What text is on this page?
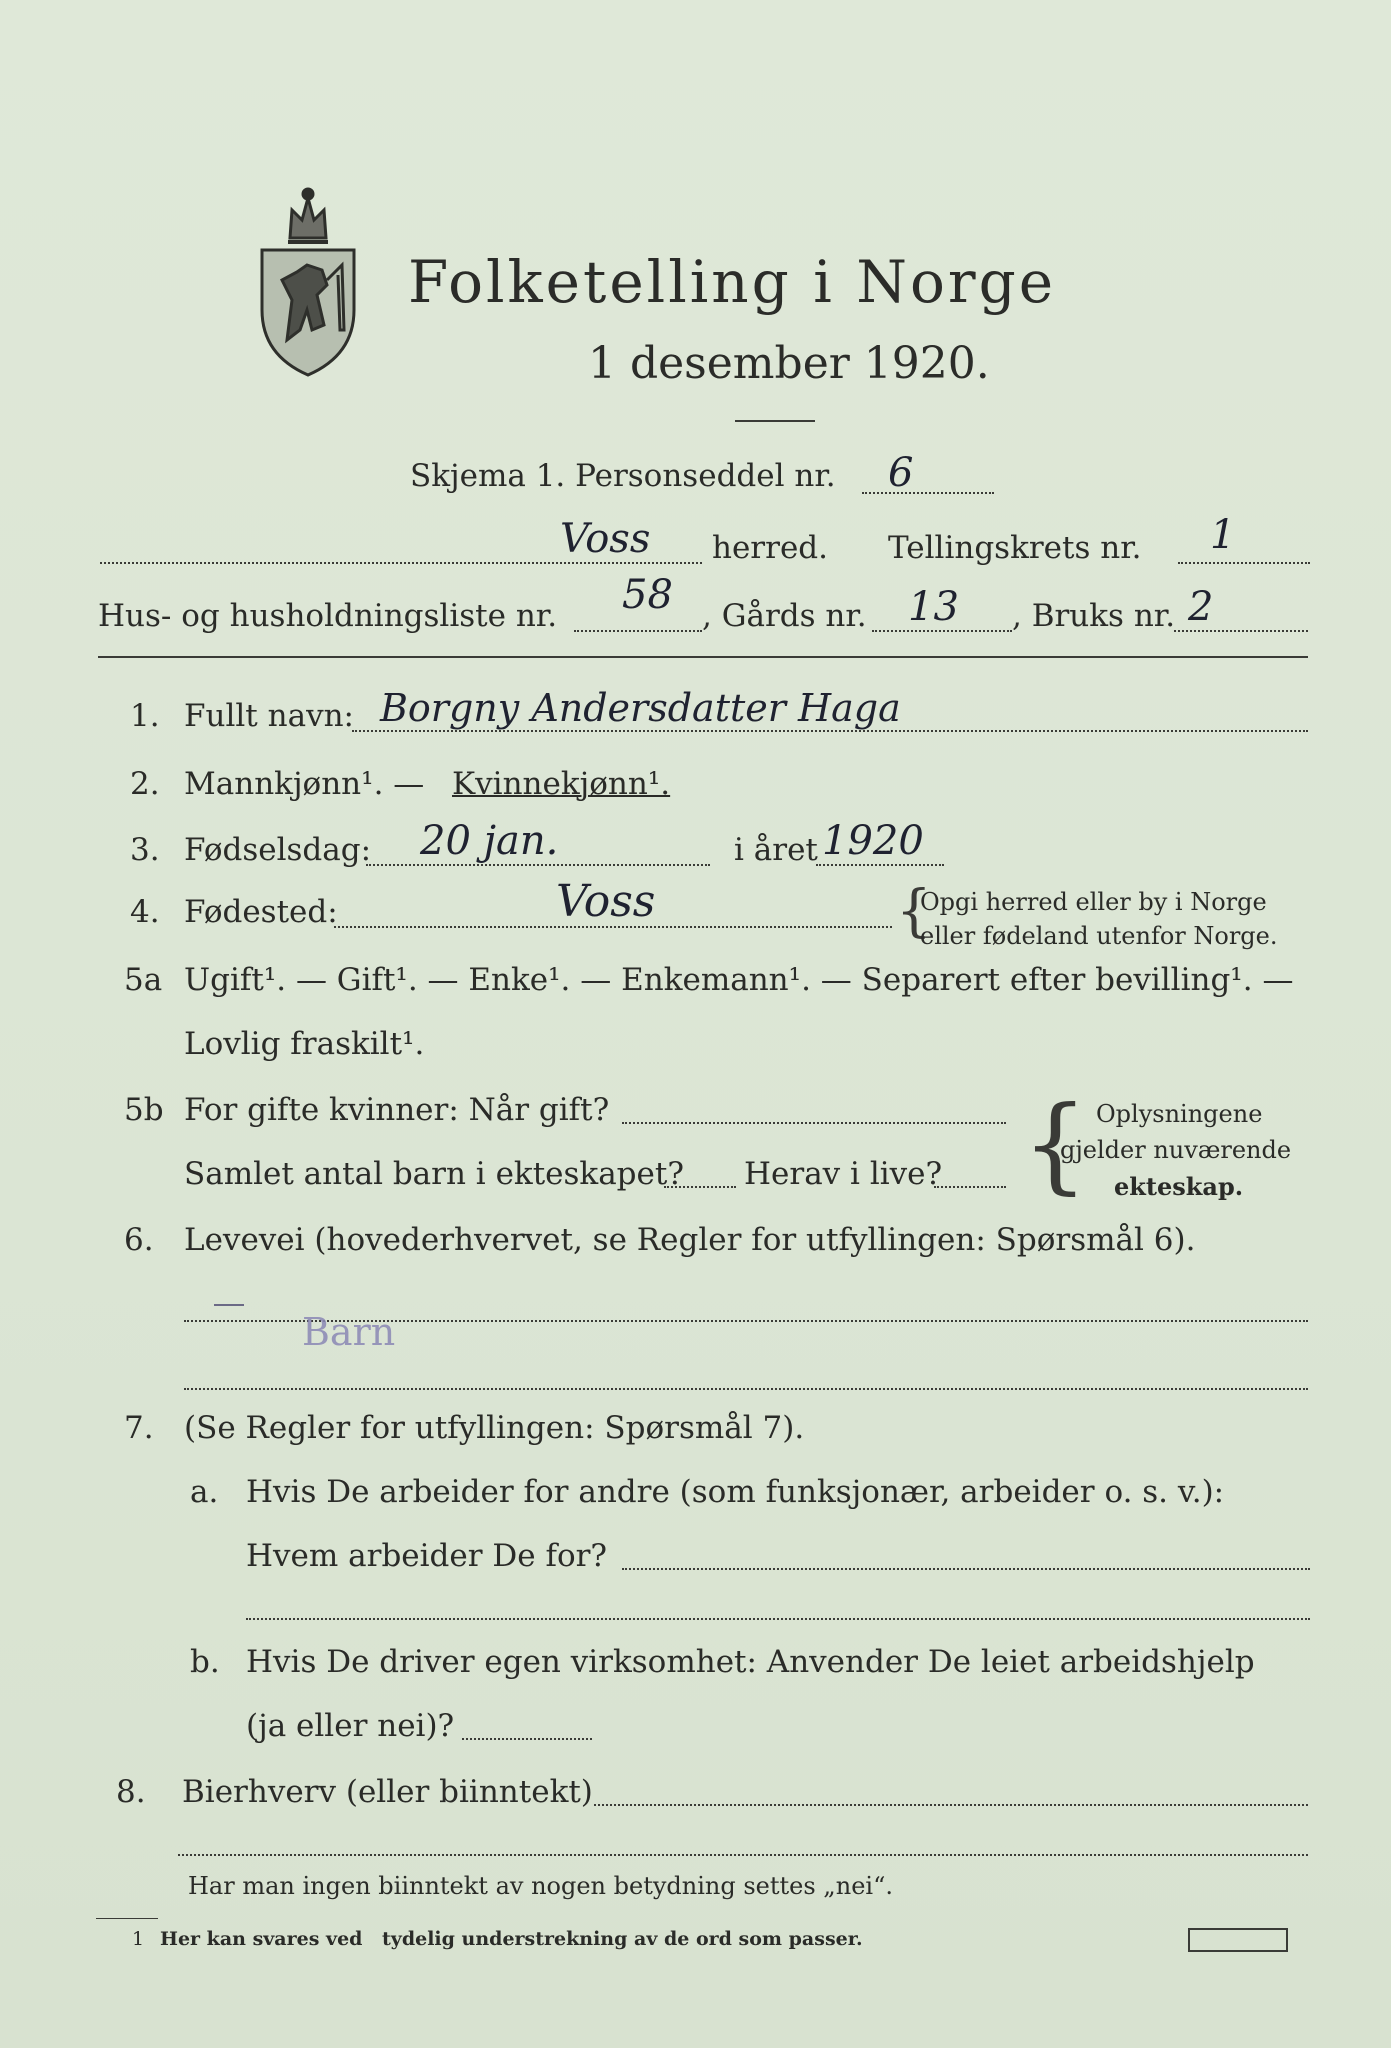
Folketelling i Norge
1 desember 1920.
Skjema 1. Personseddel nr. 6
Voss herred. Tellingskrets nr. 1
Hus- og husholdningsliste nr. 58 , Gårds nr. 13 , Bruks nr. 2
1. Fullt navn: Borgny Andersdatter Haga
2. Mannkjønn¹. — Kvinnekjønn¹.
3. Fødselsdag: 20 jan.	i året 1920
4. Fødested:	Voss	{
Opgi herred eller by i Norge
eller fødeland utenfor Norge.
5a Ugift¹. — Gift¹. — Enke¹. — Enkemann¹. — Separert efter bevilling¹. —
Lovlig fraskilt¹.
5b For gifte kvinner: Når gift?
Samlet antal barn i ekteskapet? Herav i live? { Oplysningene
gjelder nuværende
ekteskap.
6. Levevei (hovederhvervet, se Regler for utfyllingen: Spørsmål 6).
Barn
7. (Se Regler for utfyllingen: Spørsmål 7).
a. Hvis De arbeider for andre (som funksjonær, arbeider o. s. v.):
Hvem arbeider De for?
b. Hvis De driver egen virksomhet: Anvender De leiet arbeidshjelp
(ja eller nei)?
8. Bierhverv (eller biinntekt)
Har man ingen biinntekt av nogen betydning settes „nei“.
1 Her kan svares ved tydelig understrekning av de ord som passer.
